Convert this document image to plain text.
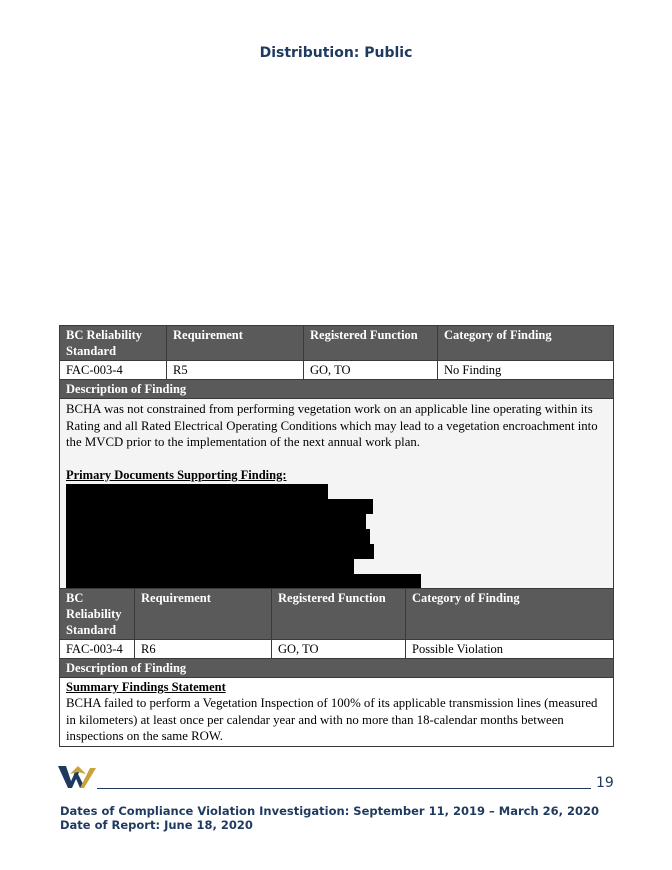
Distribution: Public
BC Reliability Standard	Requirement	Registered Function	Category of Finding
FAC-003-4	R5	GO, TO	No Finding
Description of Finding			

BCHA was not constrained from performing vegetation work on an applicable line operating within its Rating and all Rated Electrical Operating Conditions which may lead to a vegetation encroachment into the MVCD prior to the implementation of the next annual work plan.
Primary Documents Supporting Finding:			
BC Reliability Standard	Requirement	Registered Function	Category of Finding
FAC-003-4	R6	GO, TO	Possible Violation
Description of Finding			

Summary Findings Statement
BCHA failed to perform a Vegetation Inspection of 100% of its applicable transmission lines (measured in kilometers) at least once per calendar year and with no more than 18-calendar months between inspections on the same ROW.			
19
Dates of Compliance Violation Investigation: September 11, 2019 – March 26, 2020
Date of Report: June 18, 2020
